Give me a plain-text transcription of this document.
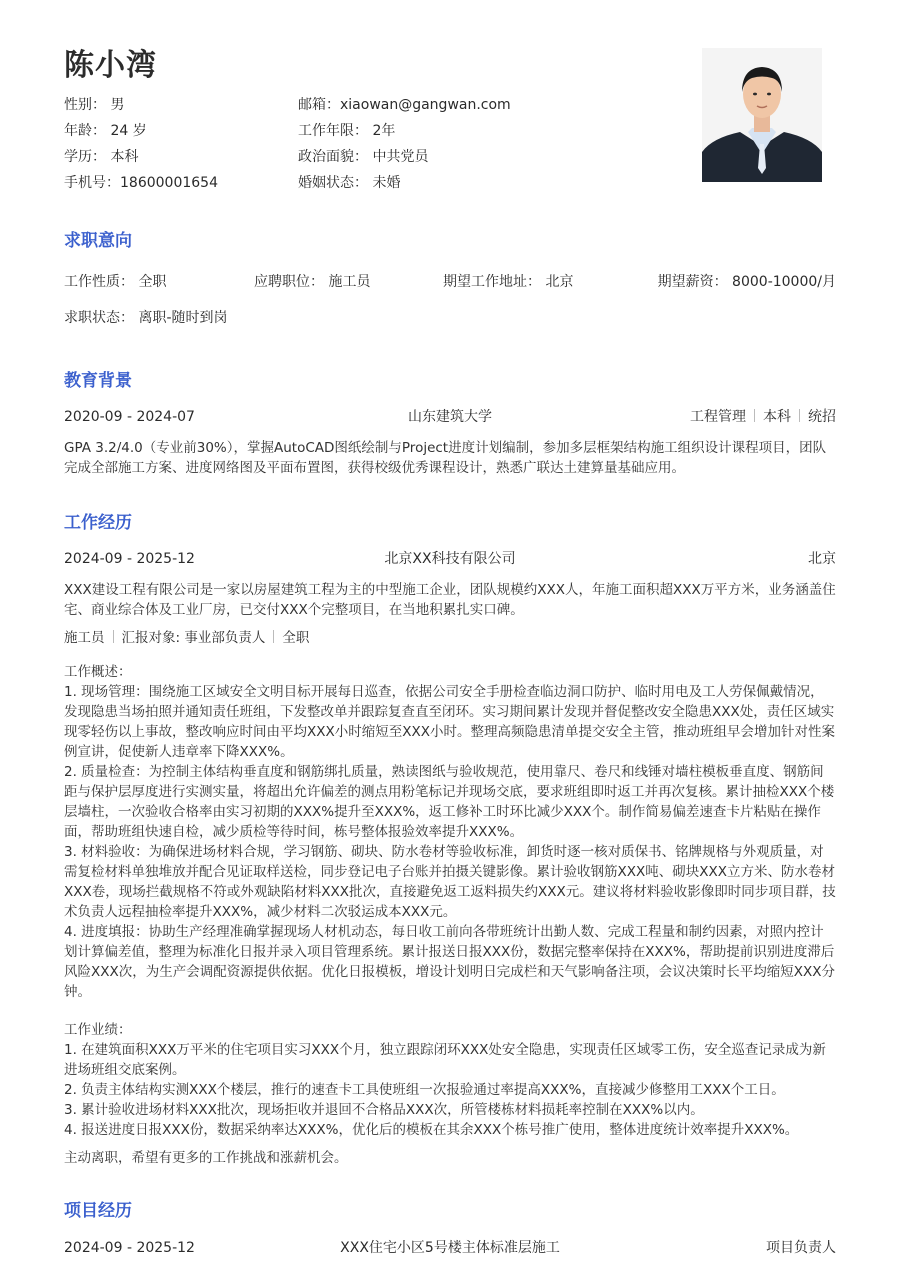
陈小湾
性别： 男	邮箱：xiaowan@gangwan.com
年龄： 24 岁	工作年限： 2年
学历： 本科	政治面貌： 中共党员
手机号：18600001654	婚姻状态： 未婚
求职意向
工作性质： 全职	应聘职位： 施工员	期望工作地址： 北京	期望薪资： 8000-10000/月
求职状态： 离职-随时到岗
教育背景
2020-09 - 2024-07	山东建筑大学	工程管理 本科 统招
GPA 3.2/4.0（专业前30%），掌握AutoCAD图纸绘制与Project进度计划编制，参加多层框架结构施工组织设计课程项目，团队完成全部施工方案、进度网络图及平面布置图，获得校级优秀课程设计，熟悉广联达土建算量基础应用。
工作经历
2024-09 - 2025-12	北京XX科技有限公司	北京
XXX建设工程有限公司是一家以房屋建筑工程为主的中型施工企业，团队规模约XXX人，年施工面积超XXX万平方米，业务涵盖住宅、商业综合体及工业厂房，已交付XXX个完整项目，在当地积累扎实口碑。
施工员 汇报对象: 事业部负责人 全职
工作概述：
1. 现场管理：围绕施工区域安全文明目标开展每日巡查，依据公司安全手册检查临边洞口防护、临时用电及工人劳保佩戴情况，发现隐患当场拍照并通知责任班组，下发整改单并跟踪复查直至闭环。实习期间累计发现并督促整改安全隐患XXX处，责任区域实现零轻伤以上事故，整改响应时间由平均XXX小时缩短至XXX小时。整理高频隐患清单提交安全主管，推动班组早会增加针对性案例宣讲，促使新人违章率下降XXX%。
2. 质量检查：为控制主体结构垂直度和钢筋绑扎质量，熟读图纸与验收规范，使用靠尺、卷尺和线锤对墙柱模板垂直度、钢筋间距与保护层厚度进行实测实量，将超出允许偏差的测点用粉笔标记并现场交底，要求班组即时返工并再次复核。累计抽检XXX个楼层墙柱，一次验收合格率由实习初期的XXX%提升至XXX%，返工修补工时环比减少XXX个。制作简易偏差速查卡片粘贴在操作面，帮助班组快速自检，减少质检等待时间，栋号整体报验效率提升XXX%。
3. 材料验收：为确保进场材料合规，学习钢筋、砌块、防水卷材等验收标准，卸货时逐一核对质保书、铭牌规格与外观质量，对需复检材料单独堆放并配合见证取样送检，同步登记电子台账并拍摄关键影像。累计验收钢筋XXX吨、砌块XXX立方米、防水卷材XXX卷，现场拦截规格不符或外观缺陷材料XXX批次，直接避免返工返料损失约XXX元。建议将材料验收影像即时同步项目群，技术负责人远程抽检率提升XXX%，减少材料二次驳运成本XXX元。
4. 进度填报：协助生产经理准确掌握现场人材机动态，每日收工前向各带班统计出勤人数、完成工程量和制约因素，对照内控计划计算偏差值，整理为标准化日报并录入项目管理系统。累计报送日报XXX份，数据完整率保持在XXX%，帮助提前识别进度滞后风险XXX次，为生产会调配资源提供依据。优化日报模板，增设计划明日完成栏和天气影响备注项，会议决策时长平均缩短XXX分钟。
工作业绩：
1. 在建筑面积XXX万平米的住宅项目实习XXX个月，独立跟踪闭环XXX处安全隐患，实现责任区域零工伤，安全巡查记录成为新进场班组交底案例。
2. 负责主体结构实测XXX个楼层，推行的速查卡工具使班组一次报验通过率提高XXX%，直接减少修整用工XXX个工日。
3. 累计验收进场材料XXX批次，现场拒收并退回不合格品XXX次，所管楼栋材料损耗率控制在XXX%以内。
4. 报送进度日报XXX份，数据采纳率达XXX%，优化后的模板在其余XXX个栋号推广使用，整体进度统计效率提升XXX%。
主动离职，希望有更多的工作挑战和涨薪机会。
项目经历
2024-09 - 2025-12	XXX住宅小区5号楼主体标准层施工	项目负责人
